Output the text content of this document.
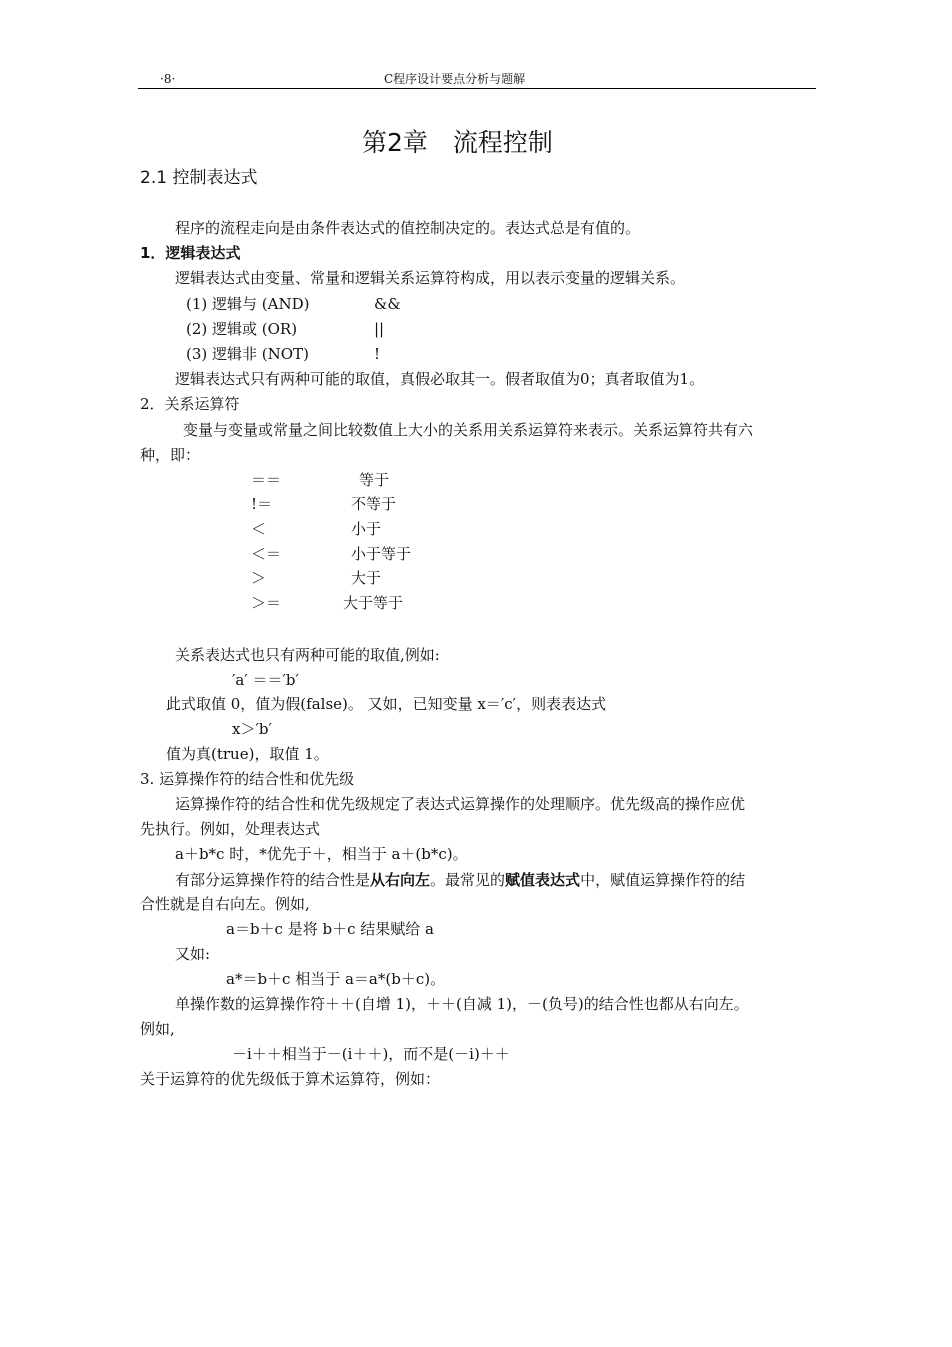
·8·	C程序设计要点分析与题解
第2章　流程控制
2.1 控制表达式
程序的流程走向是由条件表达式的值控制决定的。表达式总是有值的。
1．逻辑表达式
逻辑表达式由变量、常量和逻辑关系运算符构成，用以表示变量的逻辑关系。
(1) 逻辑与 (AND)	&&
(2) 逻辑或 (OR)	||
(3) 逻辑非 (NOT)	!
逻辑表达式只有两种可能的取值，真假必取其一。假者取值为0；真者取值为1。
2．关系运算符
变量与变量或常量之间比较数值上大小的关系用关系运算符来表示。关系运算符共有六
种，即：
＝＝	等于
!＝	不等于
＜	小于
＜＝	小于等于
＞	大于
＞＝	大于等于
关系表达式也只有两种可能的取值,例如:
′a′ ＝＝′b′
此式取值 0，值为假(false)。 又如，已知变量 x＝′c′，则表表达式
x＞′b′
值为真(true)，取值 1。
3. 运算操作符的结合性和优先级
运算操作符的结合性和优先级规定了表达式运算操作的处理顺序。优先级高的操作应优
先执行。例如，处理表达式
a＋b*c 时，*优先于＋，相当于 a＋(b*c)。
有部分运算操作符的结合性是从右向左。最常见的赋值表达式中，赋值运算操作符的结
合性就是自右向左。例如,
a＝b＋c 是将 b＋c 结果赋给 a
又如:
a*＝b＋c 相当于 a＝a*(b＋c)。
单操作数的运算操作符＋＋(自增 1)，＋＋(自减 1)，－(负号)的结合性也都从右向左。
例如,
－i＋＋相当于－(i＋＋)，而不是(－i)＋＋
关于运算符的优先级低于算术运算符，例如：
